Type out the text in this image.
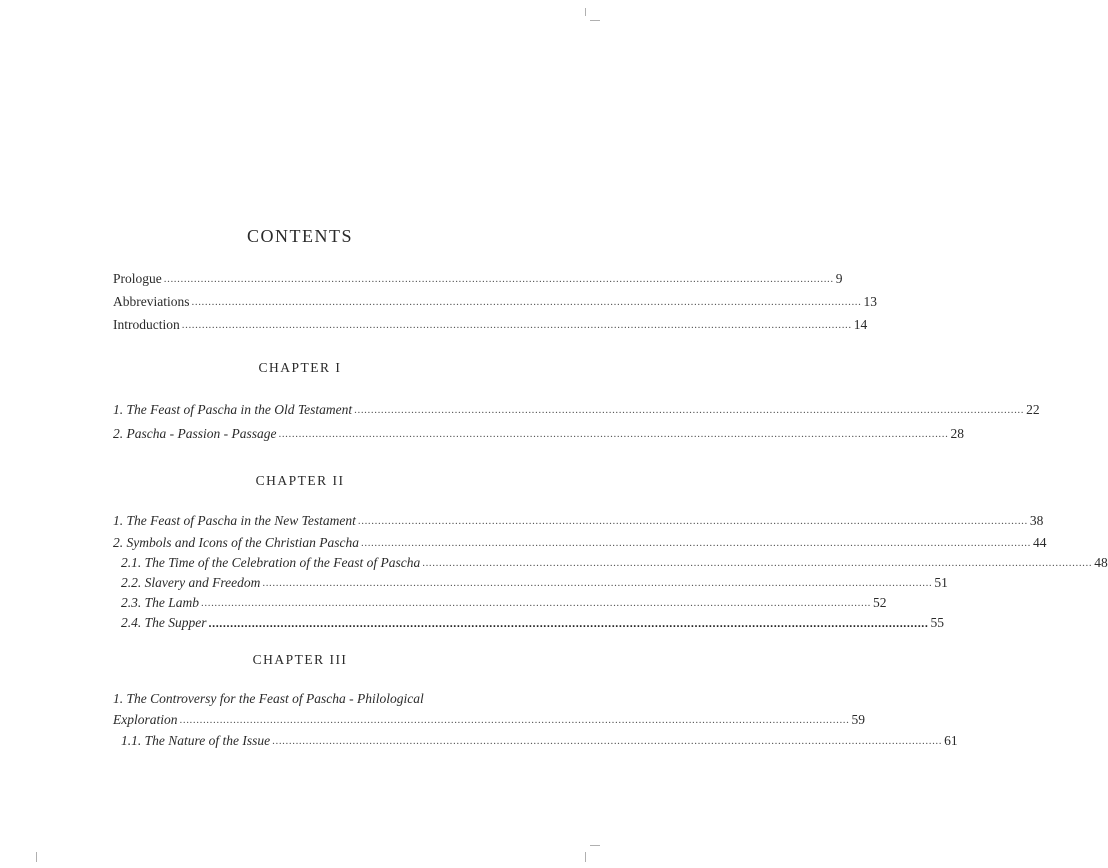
CONTENTS
Prologue ........................................................................................................................................................................................................ 9
Abbreviations ........................................................................................................................................................................................................ 13
Introduction ........................................................................................................................................................................................................ 14
CHAPTER I
1. The Feast of Pascha in the Old Testament ........................................................................................................................................................................................................ 22
2. Pascha - Passion - Passage ........................................................................................................................................................................................................ 28
CHAPTER II
1. The Feast of Pascha in the New Testament ........................................................................................................................................................................................................ 38
2. Symbols and Icons of the Christian Pascha ........................................................................................................................................................................................................ 44
2.1. The Time of the Celebration of the Feast of Pascha ........................................................................................................................................................................................................ 48
2.2. Slavery and Freedom ........................................................................................................................................................................................................ 51
2.3. The Lamb ........................................................................................................................................................................................................ 52
2.4. The Supper ........................................................................................................................................................................................................ 55
CHAPTER III
1. The Controversy for the Feast of Pascha - Philological
Exploration ........................................................................................................................................................................................................ 59
1.1. The Nature of the Issue ........................................................................................................................................................................................................ 61
